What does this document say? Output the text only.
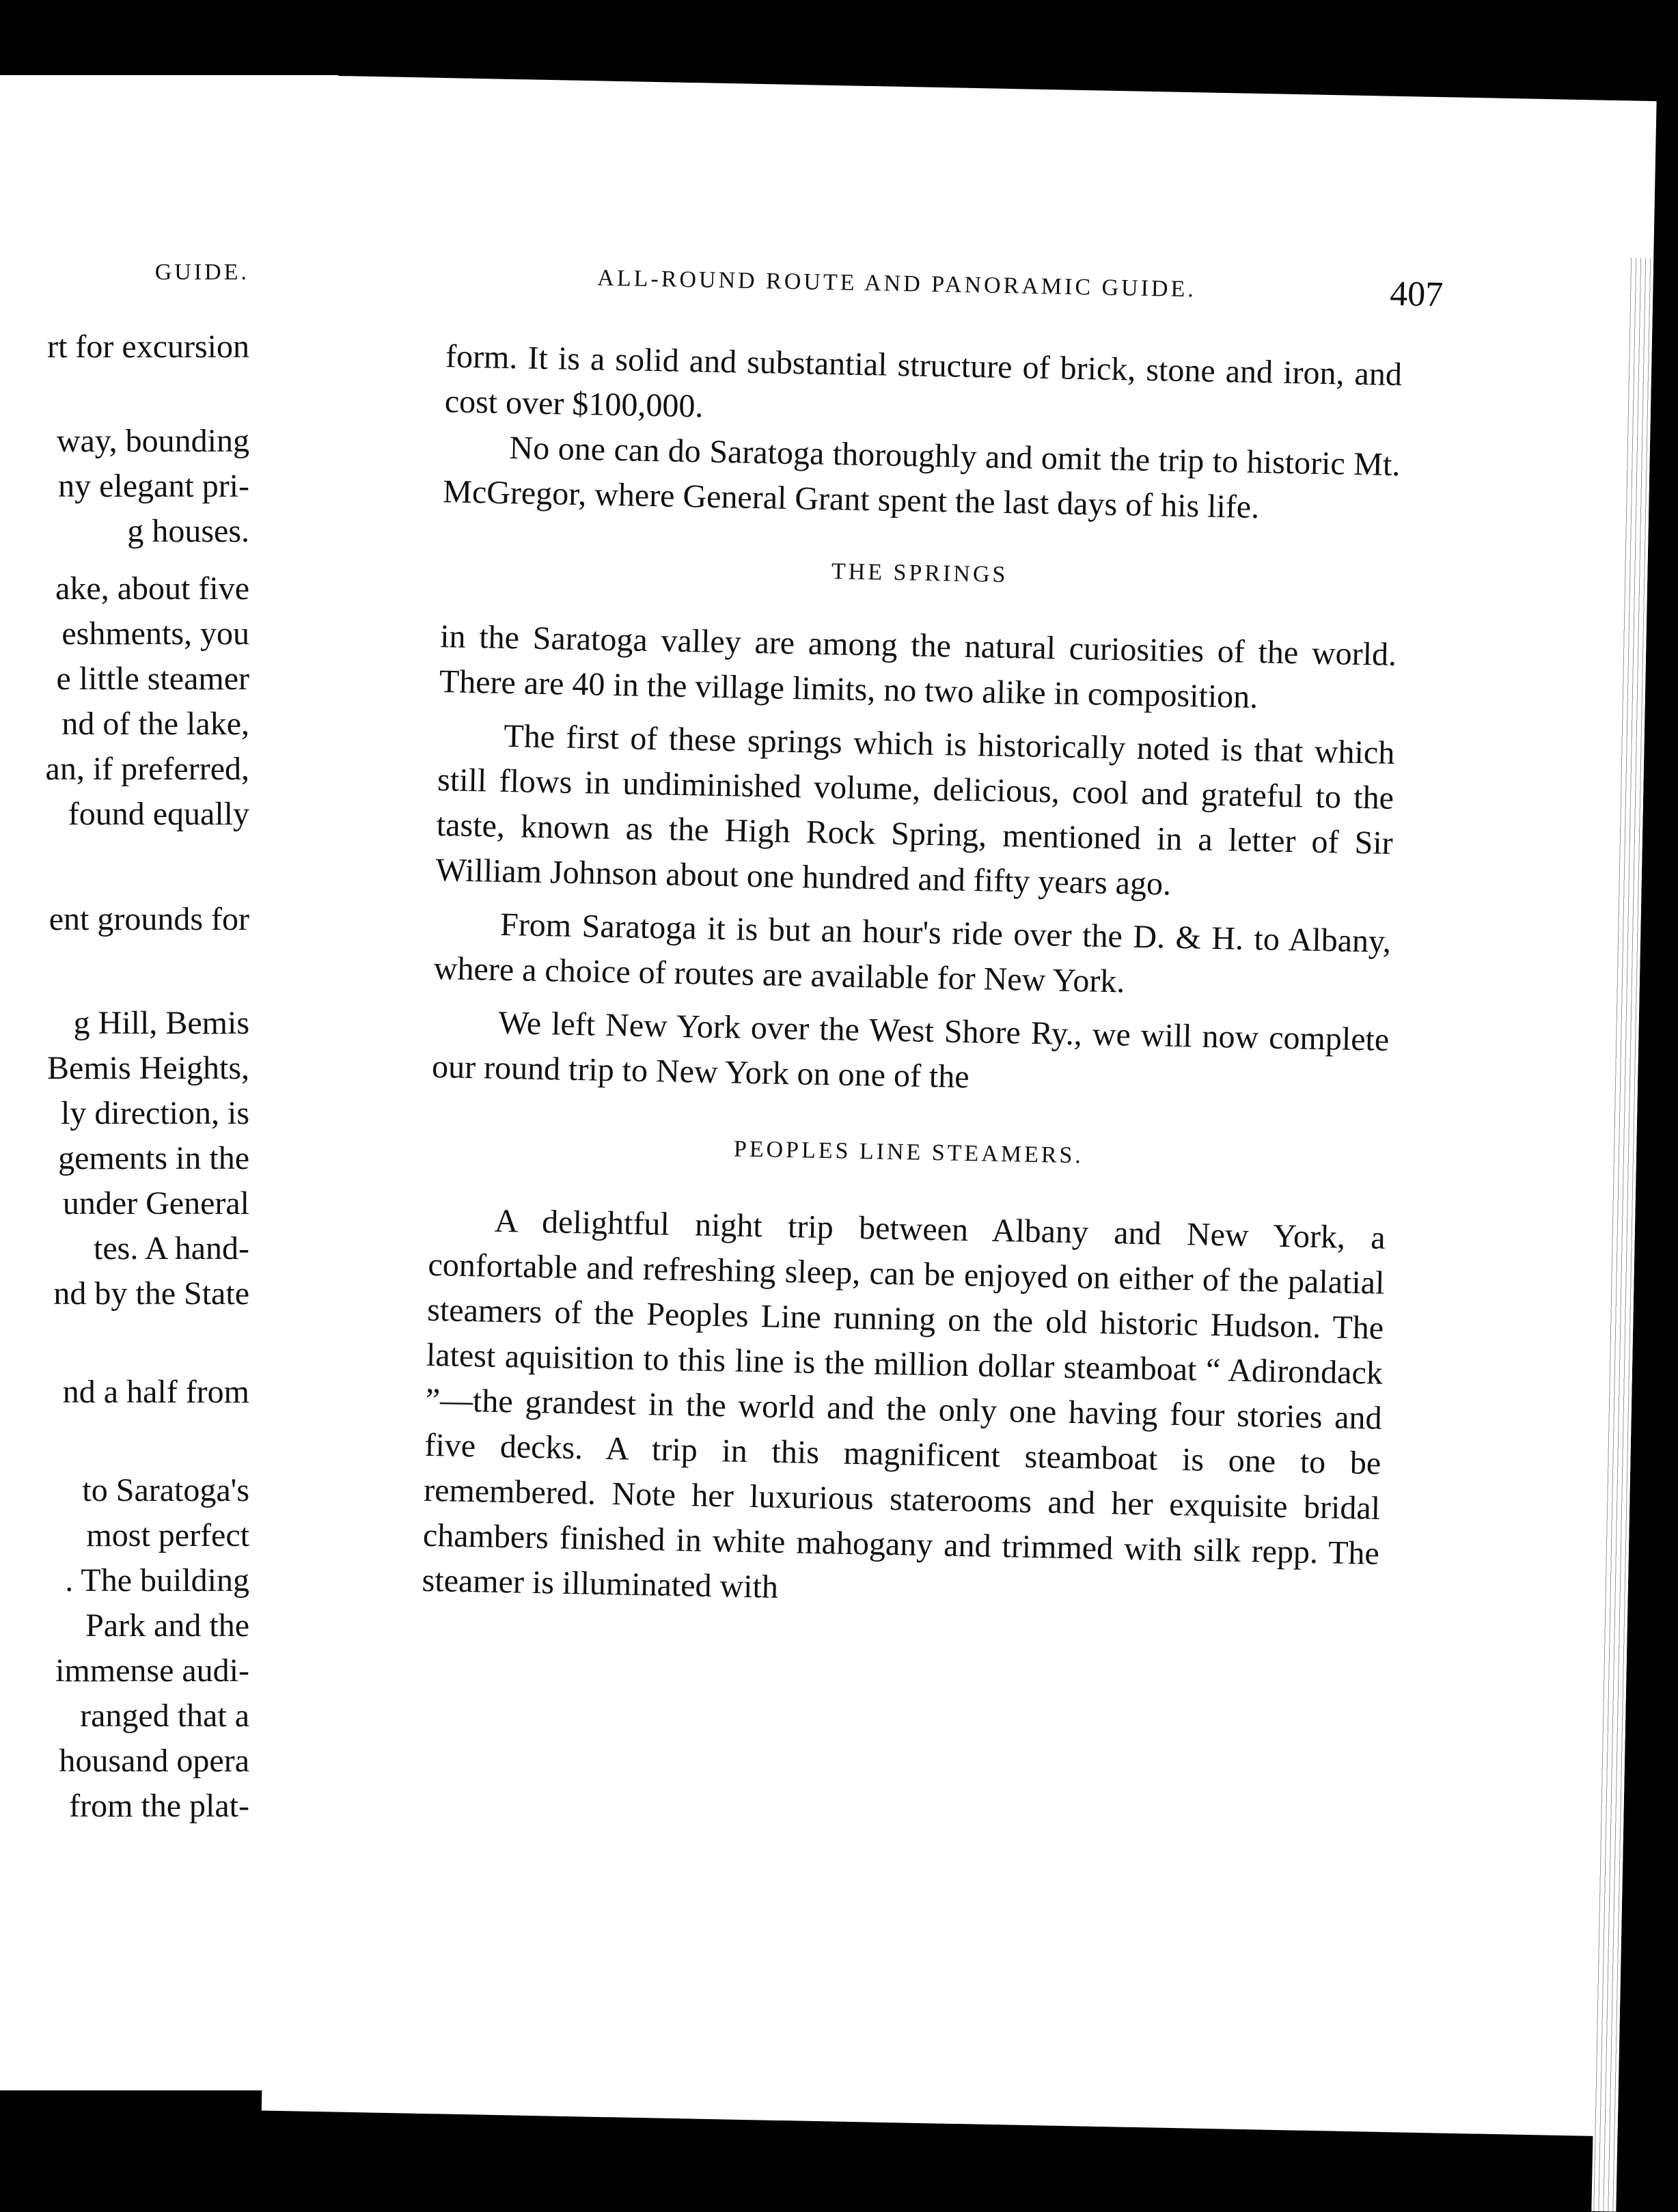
GUIDE.
rt for excursion
way, bounding
ny elegant pri-
g houses.
ake, about five
eshments, you
e little steamer
nd of the lake,
an, if preferred,
found equally
ent grounds for
g Hill, Bemis
Bemis Heights,
ly direction, is
gements in the
under General
tes. A hand-
nd by the State
nd a half from
to Saratoga's
most perfect
. The building
Park and the
immense audi-
ranged that a
housand opera
from the plat-
ALL-ROUND ROUTE AND PANORAMIC GUIDE.	407

form. It is a solid and substantial structure of brick, stone and iron, and cost over $100,000.

No one can do Saratoga thoroughly and omit the trip to historic Mt. McGregor, where General Grant spent the last days of his life.

THE SPRINGS

in the Saratoga valley are among the natural curiosities of the world. There are 40 in the village limits, no two alike in composition.

The first of these springs which is historically noted is that which still flows in undiminished volume, delicious, cool and grateful to the taste, known as the High Rock Spring, mentioned in a letter of Sir William Johnson about one hundred and fifty years ago.

From Saratoga it is but an hour's ride over the D. & H. to Albany, where a choice of routes are available for New York.

We left New York over the West Shore Ry., we will now complete our round trip to New York on one of the

PEOPLES LINE STEAMERS.

A delightful night trip between Albany and New York, a confortable and refreshing sleep, can be enjoyed on either of the palatial steamers of the Peoples Line running on the old historic Hudson. The latest aquisition to this line is the million dollar steamboat “ Adirondack ”—the grandest in the world and the only one having four stories and five decks. A trip in this magnificent steamboat is one to be remembered. Note her luxurious staterooms and her exquisite bridal chambers finished in white mahogany and trimmed with silk repp. The steamer is illuminated with
